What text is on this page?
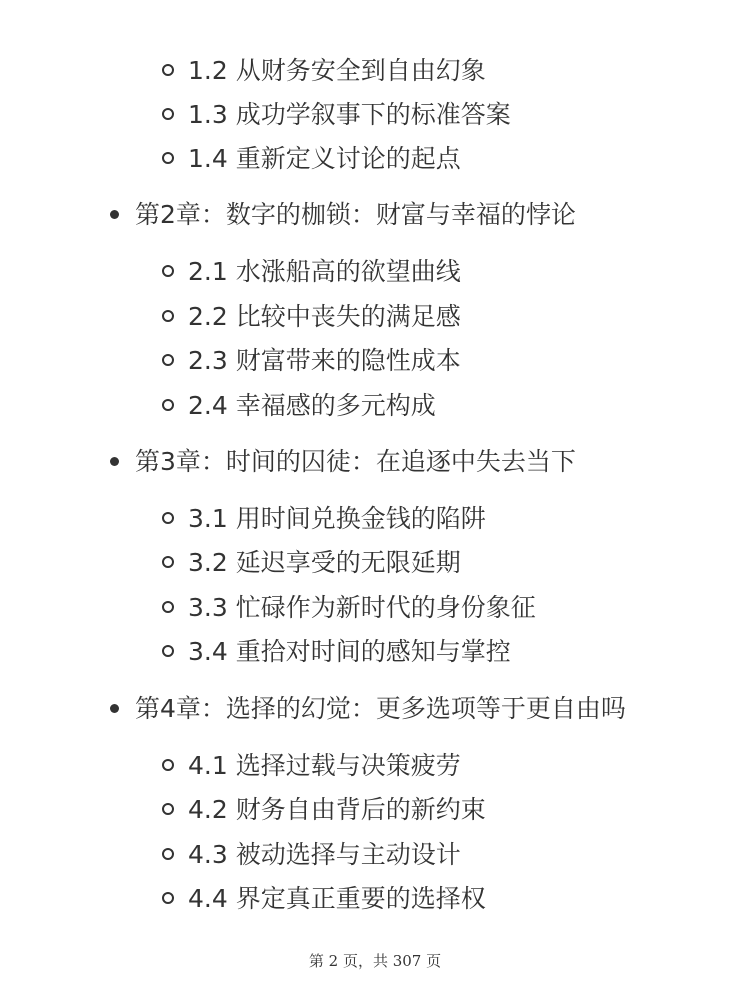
1.2 从财务安全到自由幻象
1.3 成功学叙事下的标准答案
1.4 重新定义讨论的起点
第2章：数字的枷锁：财富与幸福的悖论
2.1 水涨船高的欲望曲线
2.2 比较中丧失的满足感
2.3 财富带来的隐性成本
2.4 幸福感的多元构成
第3章：时间的囚徒：在追逐中失去当下
3.1 用时间兑换金钱的陷阱
3.2 延迟享受的无限延期
3.3 忙碌作为新时代的身份象征
3.4 重拾对时间的感知与掌控
第4章：选择的幻觉：更多选项等于更自由吗
4.1 选择过载与决策疲劳
4.2 财务自由背后的新约束
4.3 被动选择与主动设计
4.4 界定真正重要的选择权
第 2 页，共 307 页
